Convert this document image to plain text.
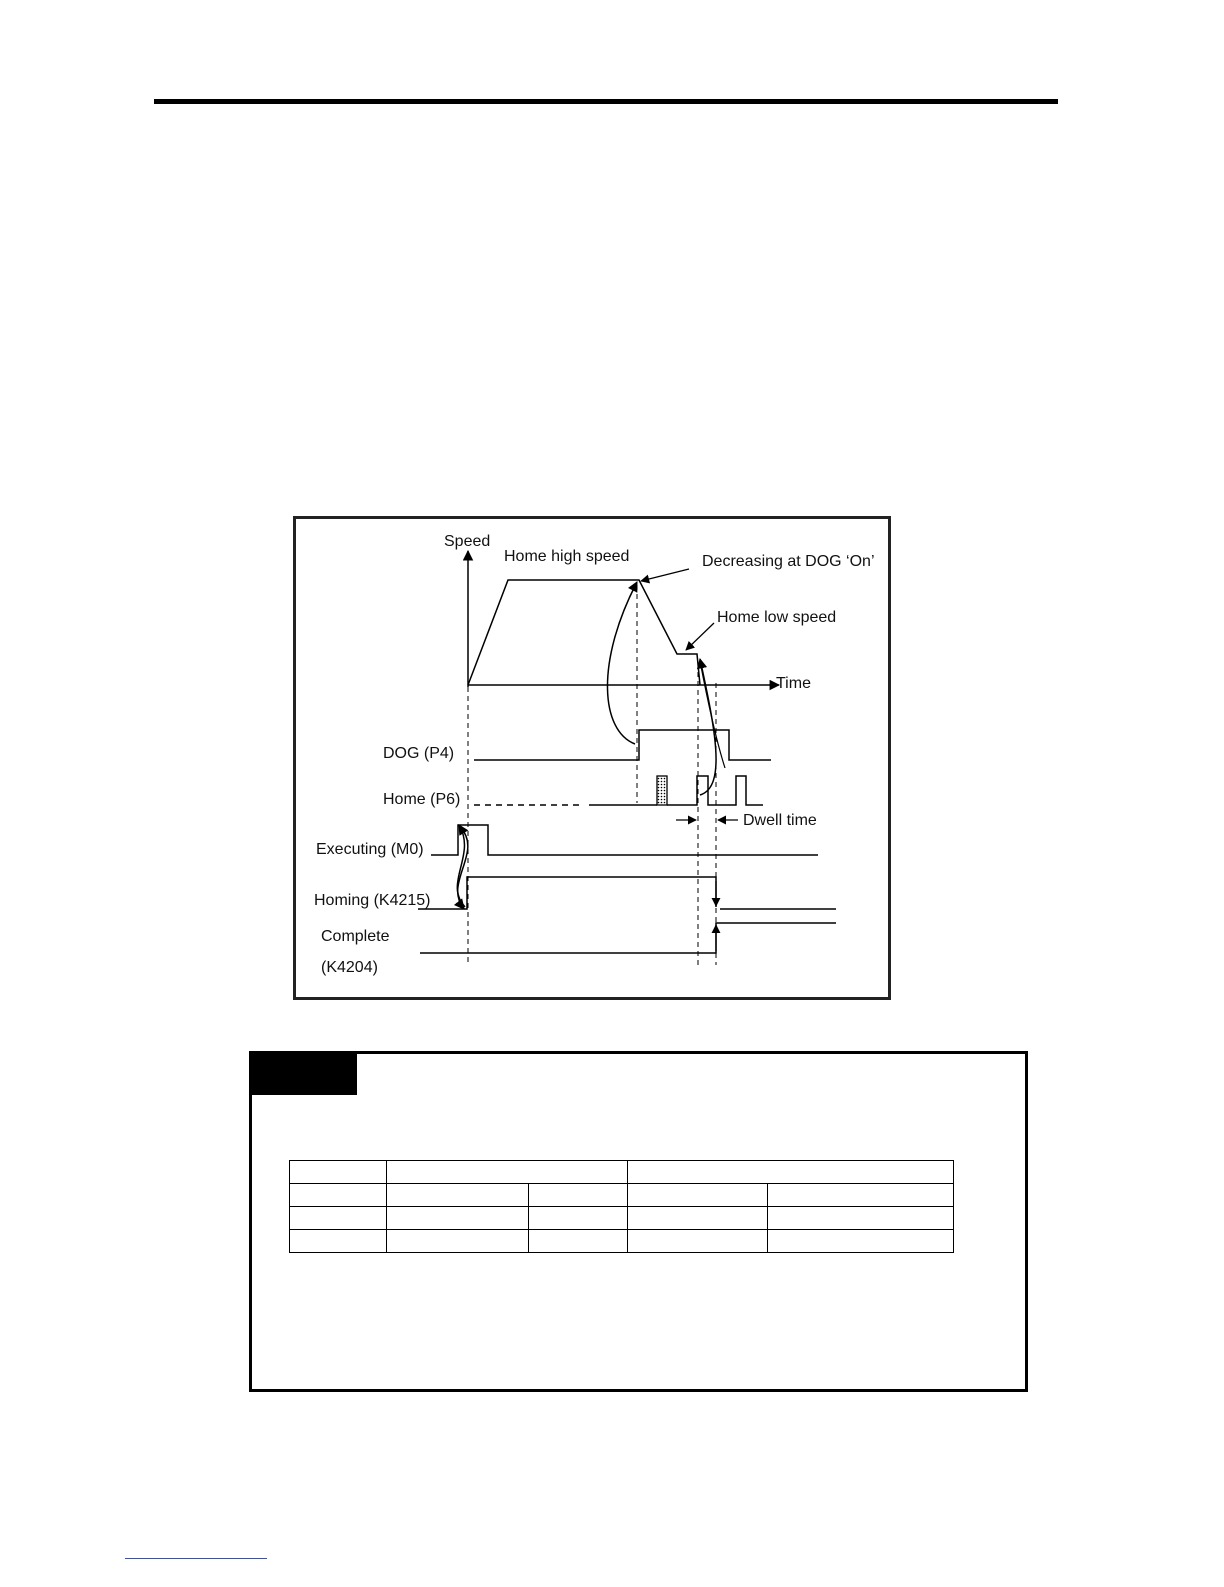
Speed
Time
Home high speed	Decreasing at DOG ‘On’
Home low speed
DOG (P4)
Home (P6)
Dwell time
Executing (M0)
Homing (K4215)
Complete
(K4204)
